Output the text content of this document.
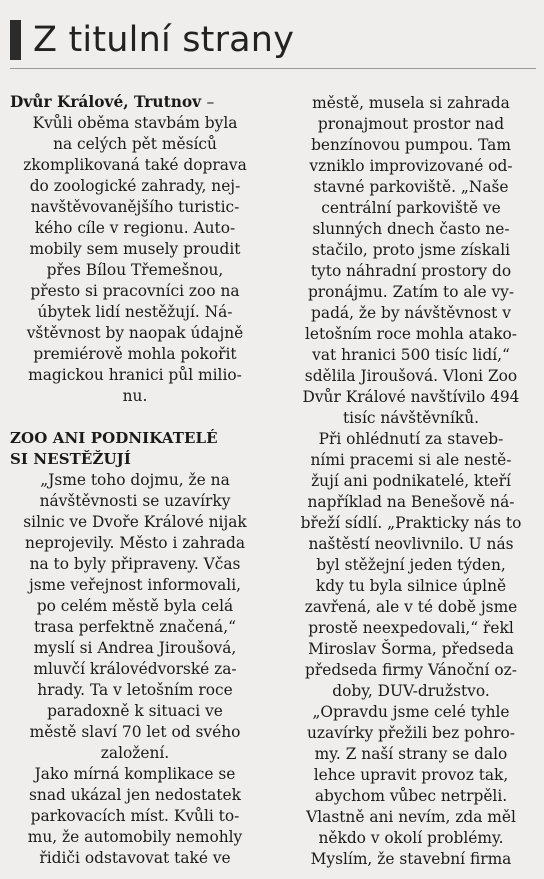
Z titulní strany
Dvůr Králové, Trutnov –
Kvůli oběma stavbám byla
na celých pět měsíců
zkomplikovaná také doprava
do zoologické zahrady, nej-
navštěvovanějšího turistic-
kého cíle v regionu. Auto-
mobily sem musely proudit
přes Bílou Třemešnou,
přesto si pracovníci zoo na
úbytek lidí nestěžují. Ná-
vštěvnost by naopak údajně
premiérově mohla pokořit
magickou hranici půl milio-
nu.
ZOO ANI PODNIKATELÉ
SI NESTĚŽUJÍ
„Jsme toho dojmu, že na
návštěvnosti se uzavírky
silnic ve Dvoře Králové nijak
neprojevily. Město i zahrada
na to byly připraveny. Včas
jsme veřejnost informovali,
po celém městě byla celá
trasa perfektně značená,“
myslí si Andrea Jiroušová,
mluvčí královédvorské za-
hrady. Ta v letošním roce
paradoxně k situaci ve
městě slaví 70 let od svého
založení.
Jako mírná komplikace se
snad ukázal jen nedostatek
parkovacích míst. Kvůli to-
mu, že automobily nemohly
řidiči odstavovat také ve
městě, musela si zahrada
pronajmout prostor nad
benzínovou pumpou. Tam
vzniklo improvizované od-
stavné parkoviště. „Naše
centrální parkoviště ve
slunných dnech často ne-
stačilo, proto jsme získali
tyto náhradní prostory do
pronájmu. Zatím to ale vy-
padá, že by návštěvnost v
letošním roce mohla atako-
vat hranici 500 tisíc lidí,“
sdělila Jiroušová. Vloni Zoo
Dvůr Králové navštívilo 494
tisíc návštěvníků.
Při ohlédnutí za staveb-
ními pracemi si ale nestě-
žují ani podnikatelé, kteří
například na Benešově ná-
břeží sídlí. „Prakticky nás to
naštěstí neovlivnilo. U nás
byl stěžejní jeden týden,
kdy tu byla silnice úplně
zavřená, ale v té době jsme
prostě neexpedovali,“ řekl
Miroslav Šorma, předseda
předseda firmy Vánoční oz-
doby, DUV-družstvo.
„Opravdu jsme celé tyhle
uzavírky přežili bez pohro-
my. Z naší strany se dalo
lehce upravit provoz tak,
abychom vůbec netrpěli.
Vlastně ani nevím, zda měl
někdo v okolí problémy.
Myslím, že stavební firma
